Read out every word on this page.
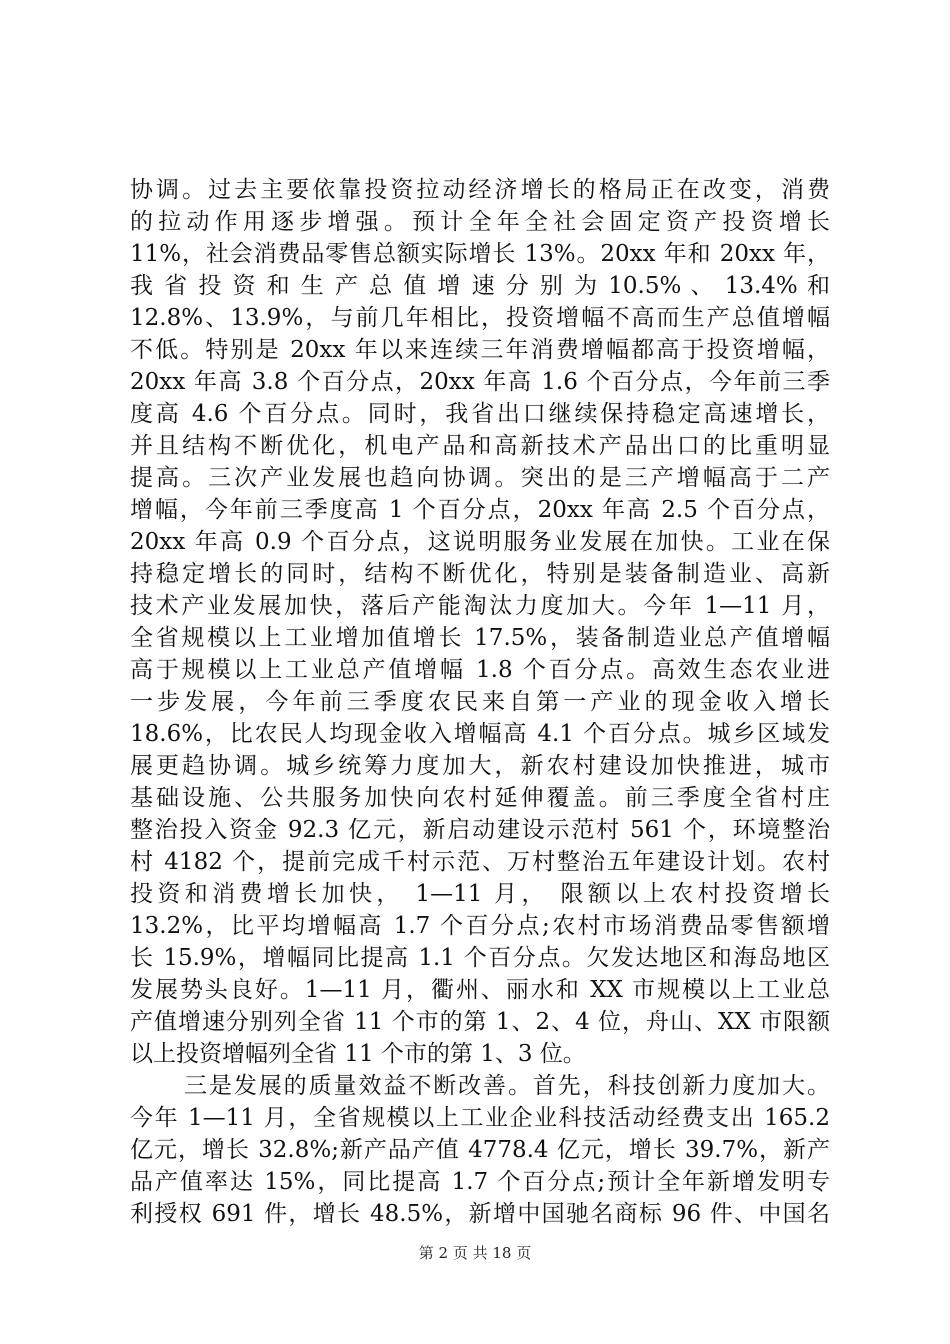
协调。过去主要依靠投资拉动经济增长的格局正在改变，消费
的拉动作用逐步增强。预计全年全社会固定资产投资增长
11%，社会消费品零售总额实际增长 13%。20xx 年和 20xx 年，
我 省 投 资 和 生 产 总 值 增 速 分 别 为 10.5% 、 13.4% 和
12.8%、13.9%，与前几年相比，投资增幅不高而生产总值增幅
不低。特别是 20xx 年以来连续三年消费增幅都高于投资增幅，
20xx 年高 3.8 个百分点，20xx 年高 1.6 个百分点，今年前三季
度高 4.6 个百分点。同时，我省出口继续保持稳定高速增长，
并且结构不断优化，机电产品和高新技术产品出口的比重明显
提高。三次产业发展也趋向协调。突出的是三产增幅高于二产
增幅，今年前三季度高 1 个百分点，20xx 年高 2.5 个百分点，
20xx 年高 0.9 个百分点，这说明服务业发展在加快。工业在保
持稳定增长的同时，结构不断优化，特别是装备制造业、高新
技术产业发展加快，落后产能淘汰力度加大。今年 1—11 月，
全省规模以上工业增加值增长 17.5%，装备制造业总产值增幅
高于规模以上工业总产值增幅 1.8 个百分点。高效生态农业进
一步发展，今年前三季度农民来自第一产业的现金收入增长
18.6%，比农民人均现金收入增幅高 4.1 个百分点。城乡区域发
展更趋协调。城乡统筹力度加大，新农村建设加快推进，城市
基础设施、公共服务加快向农村延伸覆盖。前三季度全省村庄
整治投入资金 92.3 亿元，新启动建设示范村 561 个，环境整治
村 4182 个，提前完成千村示范、万村整治五年建设计划。农村
投资和消费增长加快， 1—11 月， 限额以上农村投资增长
13.2%，比平均增幅高 1.7 个百分点;农村市场消费品零售额增
长 15.9%，增幅同比提高 1.1 个百分点。欠发达地区和海岛地区
发展势头良好。1—11 月，衢州、丽水和 XX 市规模以上工业总
产值增速分别列全省 11 个市的第 1、2、4 位，舟山、XX 市限额
以上投资增幅列全省 11 个市的第 1、3 位。
三是发展的质量效益不断改善。首先，科技创新力度加大。
今年 1—11 月，全省规模以上工业企业科技活动经费支出 165.2
亿元，增长 32.8%;新产品产值 4778.4 亿元，增长 39.7%，新产
品产值率达 15%，同比提高 1.7 个百分点;预计全年新增发明专
利授权 691 件，增长 48.5%，新增中国驰名商标 96 件、中国名
第 2 页 共 18 页
